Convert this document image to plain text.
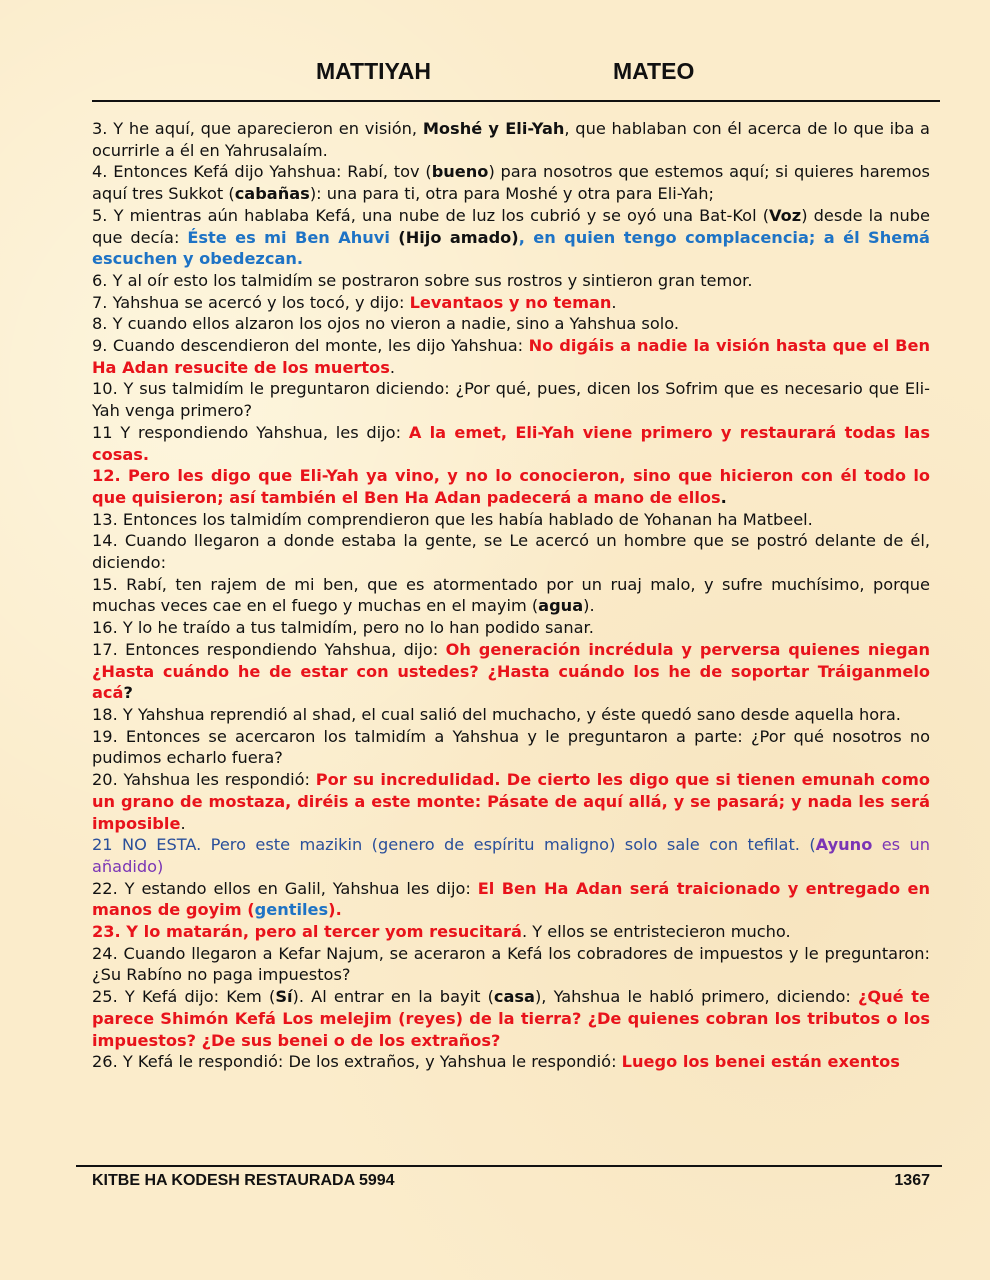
MATTIYAH	MATEO

3. Y he aquí, que aparecieron en visión, Moshé y Eli-Yah, que hablaban con él acerca de lo que iba a ocurrirle a él en Yahrusalaím.

4. Entonces Kefá dijo Yahshua: Rabí, tov (bueno) para nosotros que estemos aquí; si quieres haremos aquí tres Sukkot (cabañas): una para ti, otra para Moshé y otra para Eli-Yah;

5. Y mientras aún hablaba Kefá, una nube de luz los cubrió y se oyó una Bat-Kol (Voz) desde la nube que decía: Éste es mi Ben Ahuvi (Hijo amado), en quien tengo complacencia; a él Shemá escuchen y obedezcan.

6. Y al oír esto los talmidím se postraron sobre sus rostros y sintieron gran temor.

7. Yahshua se acercó y los tocó, y dijo: Levantaos y no teman.

8. Y cuando ellos alzaron los ojos no vieron a nadie, sino a Yahshua solo.

9. Cuando descendieron del monte, les dijo Yahshua: No digáis a nadie la visión hasta que el Ben Ha Adan resucite de los muertos.

10. Y sus talmidím le preguntaron diciendo: ¿Por qué, pues, dicen los Sofrim que es necesario que Eli-Yah venga primero?

11 Y respondiendo Yahshua, les dijo: A la emet, Eli-Yah viene primero y restaurará todas las cosas.

12. Pero les digo que Eli-Yah ya vino, y no lo conocieron, sino que hicieron con él todo lo que quisieron; así también el Ben Ha Adan padecerá a mano de ellos.

13. Entonces los talmidím comprendieron que les había hablado de Yohanan ha Matbeel.

14. Cuando llegaron a donde estaba la gente, se Le acercó un hombre que se postró delante de él, diciendo:

15. Rabí, ten rajem de mi ben, que es atormentado por un ruaj malo, y sufre muchísimo, porque muchas veces cae en el fuego y muchas en el mayim (agua).

16. Y lo he traído a tus talmidím, pero no lo han podido sanar.

17. Entonces respondiendo Yahshua, dijo: Oh generación incrédula y perversa quienes niegan ¿Hasta cuándo he de estar con ustedes? ¿Hasta cuándo los he de soportar Tráiganmelo acá?

18. Y Yahshua reprendió al shad, el cual salió del muchacho, y éste quedó sano desde aquella hora.

19. Entonces se acercaron los talmidím a Yahshua y le preguntaron a parte: ¿Por qué nosotros no pudimos echarlo fuera?

20. Yahshua les respondió: Por su incredulidad. De cierto les digo que si tienen emunah como un grano de mostaza, diréis a este monte: Pásate de aquí allá, y se pasará; y nada les será imposible.

21 NO ESTA. Pero este mazikin (genero de espíritu maligno) solo sale con tefilat. (Ayuno es un añadido)

22. Y estando ellos en Galil, Yahshua les dijo: El Ben Ha Adan será traicionado y entregado en manos de goyim (gentiles).

23. Y lo matarán, pero al tercer yom resucitará. Y ellos se entristecieron mucho.

24. Cuando llegaron a Kefar Najum, se aceraron a Kefá los cobradores de impuestos y le preguntaron: ¿Su Rabíno no paga impuestos?

25. Y Kefá dijo: Kem (Sí). Al entrar en la bayit (casa), Yahshua le habló primero, diciendo: ¿Qué te parece Shimón Kefá Los melejim (reyes) de la tierra? ¿De quienes cobran los tributos o los impuestos? ¿De sus benei o de los extraños?

26. Y Kefá le respondió: De los extraños, y Yahshua le respondió: Luego los benei están exentos

KITBE HA KODESH RESTAURADA 5994	1367
